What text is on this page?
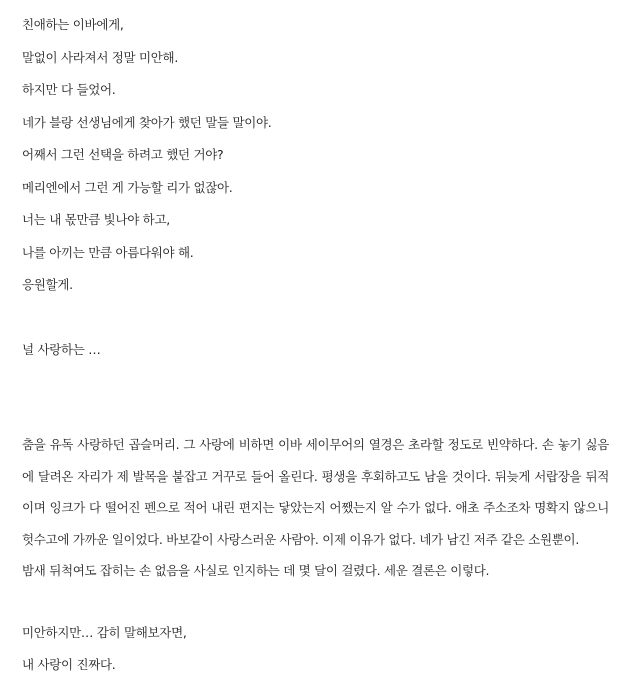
친애하는 이바에게,

말없이 사라져서 정말 미안해.

하지만 다 들었어.

네가 블랑 선생님에게 찾아가 했던 말들 말이야.

어째서 그런 선택을 하려고 했던 거야?

메리엔에서 그런 게 가능할 리가 없잖아.

너는 내 몫만큼 빛나야 하고,

나를 아끼는 만큼 아름다워야 해.

응원할게.

널 사랑하는 …

춤을 유독 사랑하던 곱슬머리. 그 사랑에 비하면 이바 세이무어의 열경은 초라할 정도로 빈약하다. 손 놓기 싫음에 달려온 자리가 제 발목을 붙잡고 거꾸로 들어 올린다. 평생을 후회하고도 남을 것이다. 뒤늦게 서랍장을 뒤적이며 잉크가 다 떨어진 펜으로 적어 내린 편지는 닿았는지 어쨌는지 알 수가 없다. 애초 주소조차 명확지 않으니 헛수고에 가까운 일이었다. 바보같이 사랑스러운 사람아. 이제 이유가 없다. 네가 남긴 저주 같은 소원뿐이.

밤새 뒤척여도 잡히는 손 없음을 사실로 인지하는 데 몇 달이 걸렸다. 세운 결론은 이렇다.

미안하지만… 감히 말해보자면,

내 사랑이 진짜다.
